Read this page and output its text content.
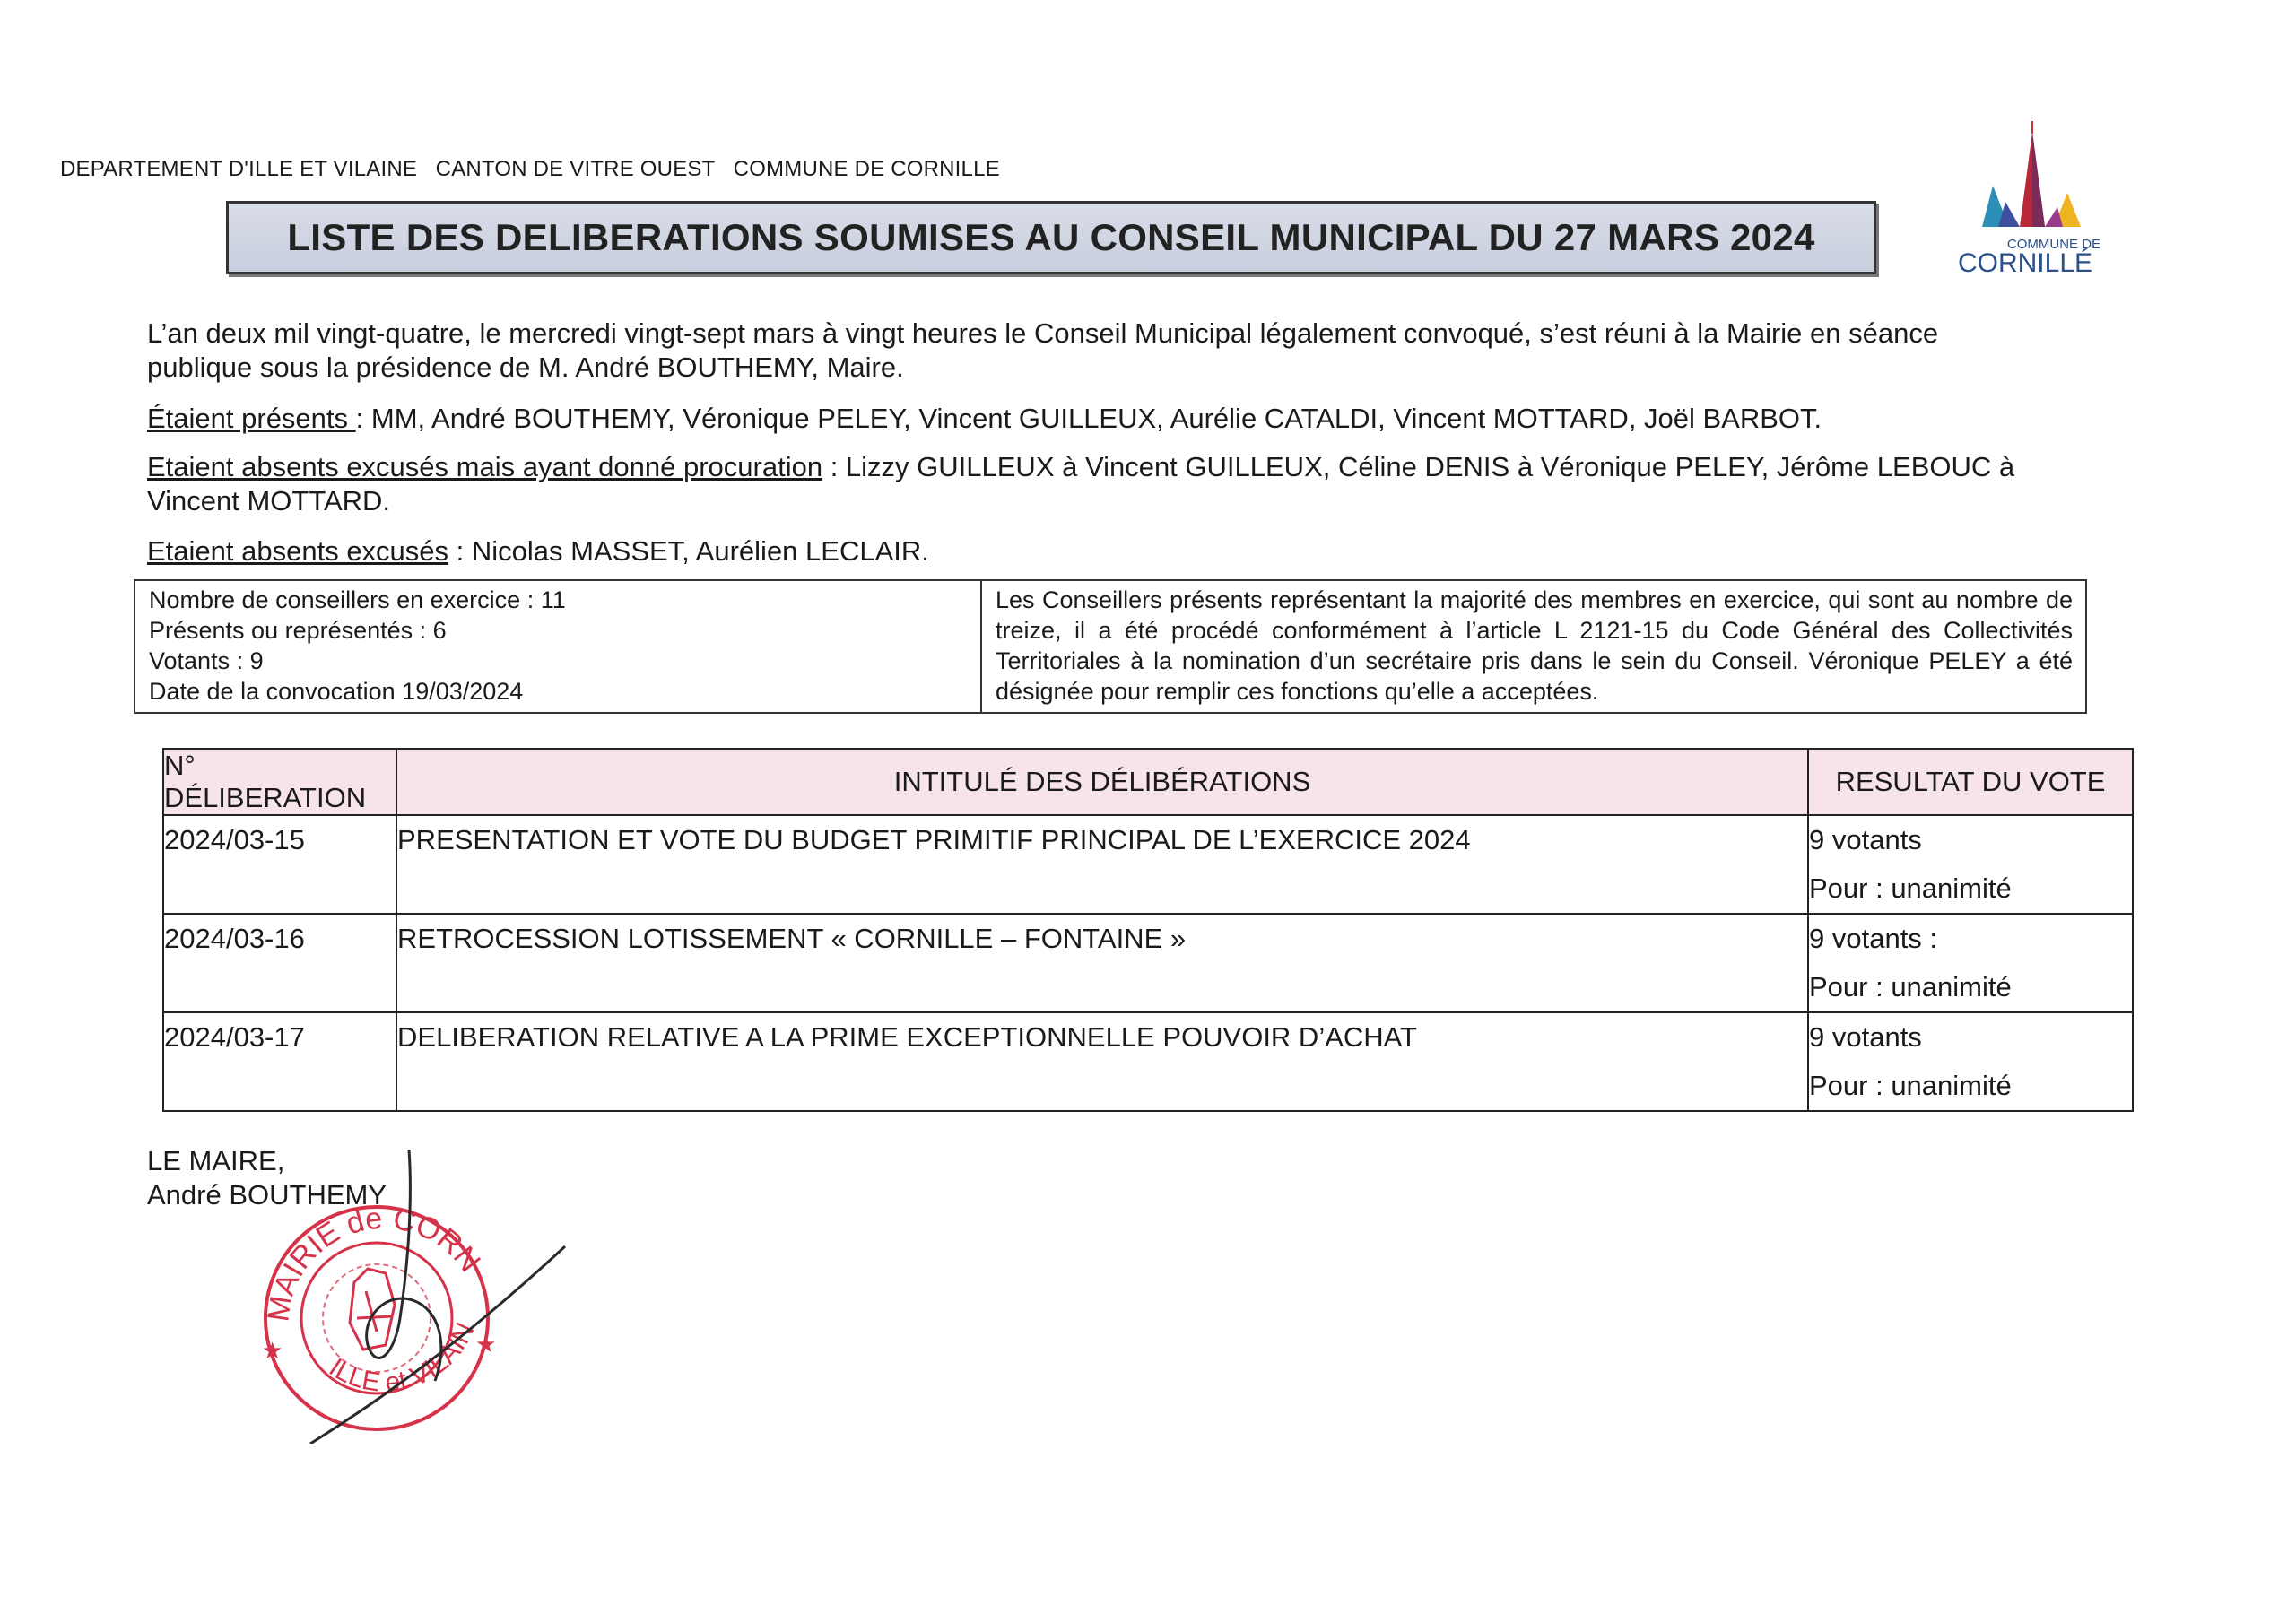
DEPARTEMENT D'ILLE ET VILAINE CANTON DE VITRE OUEST COMMUNE DE CORNILLE
LISTE DES DELIBERATIONS SOUMISES AU CONSEIL MUNICIPAL DU 27 MARS 2024	COMMUNE DE
CORNILLÉ
L’an deux mil vingt-quatre, le mercredi vingt-sept mars à vingt heures le Conseil Municipal légalement convoqué, s’est réuni à la Mairie en séance
publique sous la présidence de M. André BOUTHEMY, Maire.
Étaient présents : MM, André BOUTHEMY, Véronique PELEY, Vincent GUILLEUX, Aurélie CATALDI, Vincent MOTTARD, Joël BARBOT.
Etaient absents excusés mais ayant donné procuration : Lizzy GUILLEUX à Vincent GUILLEUX, Céline DENIS à Véronique PELEY, Jérôme LEBOUC à
Vincent MOTTARD.
Etaient absents excusés : Nicolas MASSET, Aurélien LECLAIR.
Nombre de conseillers en exercice : 11
Présents ou représentés : 6
Votants : 9
Date de la convocation 19/03/2024
Les Conseillers présents représentant la majorité des membres en exercice, qui sont au nombre de treize, il a été procédé conformément à l’article L 2121-15 du Code Général des Collectivités Territoriales à la nomination d’un secrétaire pris dans le sein du Conseil. Véronique PELEY a été désignée pour remplir ces fonctions qu’elle a acceptées.
N° DÉLIBERATION	INTITULÉ DES DÉLIBÉRATIONS	RESULTAT DU VOTE

2024/03-15	PRESENTATION ET VOTE DU BUDGET PRIMITIF PRINCIPAL DE L’EXERCICE 2024	9 votants
Pour : unanimité

2024/03-16	RETROCESSION LOTISSEMENT « CORNILLE – FONTAINE »	9 votants :
Pour : unanimité

2024/03-17	DELIBERATION RELATIVE A LA PRIME EXCEPTIONNELLE POUVOIR D’ACHAT	9 votants
Pour : unanimité
LE MAIRE,
André BOUTHEMY
MAIRIE de CORN
ILLE et VILAIN
★	★
